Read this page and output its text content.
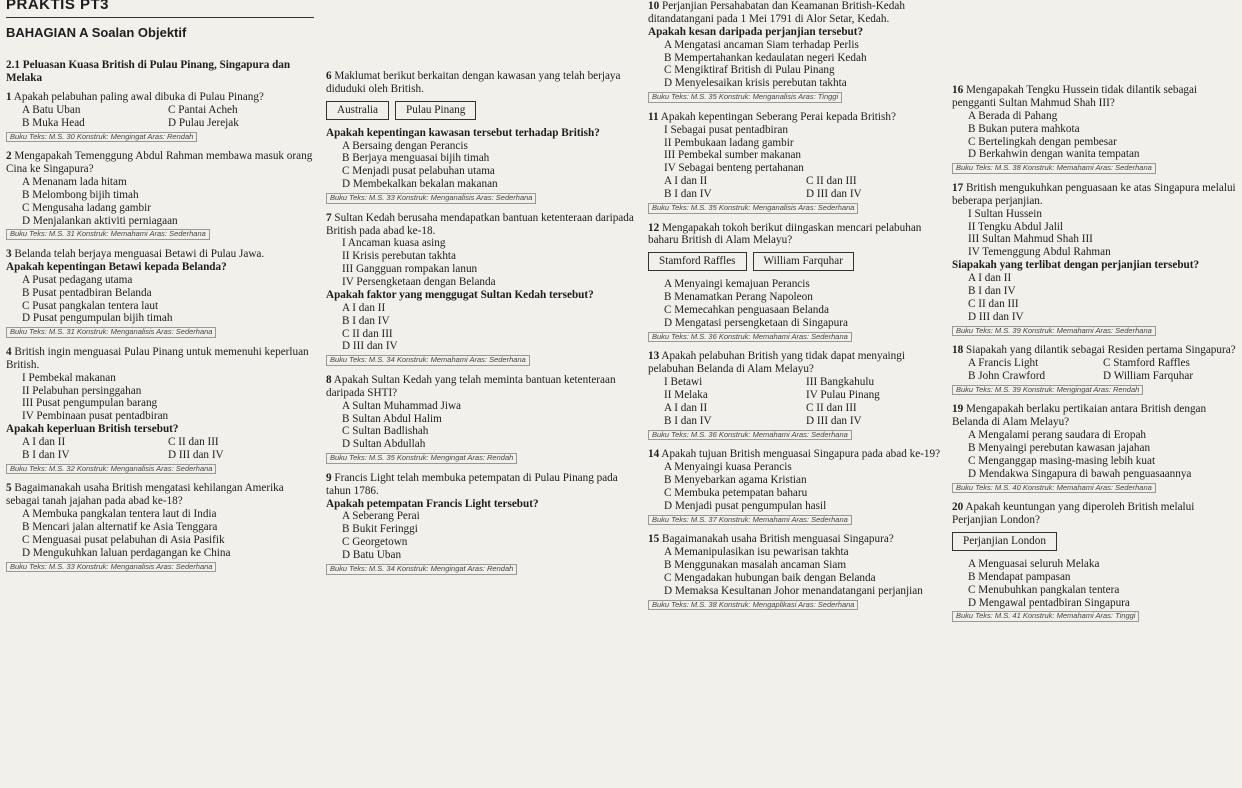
PRAKTIS PT3
BAHAGIAN A Soalan Objektif
2.1 Peluasan Kuasa British di Pulau Pinang, Singapura dan Melaka
1 Apakah pelabuhan paling awal dibuka di Pulau Pinang?
A Batu Uban	C Pantai Acheh
B Muka Head	D Pulau Jerejak
Buku Teks: M.S. 30 Konstruk: Mengingat Aras: Rendah
2 Mengapakah Temenggung Abdul Rahman membawa masuk orang Cina ke Singapura?
A Menanam lada hitam
B Melombong bijih timah
C Mengusaha ladang gambir
D Menjalankan aktiviti perniagaan
Buku Teks: M.S. 31 Konstruk: Memahami Aras: Sederhana
3 Belanda telah berjaya menguasai Betawi di Pulau Jawa.
Apakah kepentingan Betawi kepada Belanda?
A Pusat pedagang utama
B Pusat pentadbiran Belanda
C Pusat pangkalan tentera laut
D Pusat pengumpulan bijih timah
Buku Teks: M.S. 31 Konstruk: Menganalisis Aras: Sederhana
4 British ingin menguasai Pulau Pinang untuk memenuhi keperluan British.
I Pembekal makanan
II Pelabuhan persinggahan
III Pusat pengumpulan barang
IV Pembinaan pusat pentadbiran
Apakah keperluan British tersebut?
A I dan II	C II dan III
B I dan IV	D III dan IV
Buku Teks: M.S. 32 Konstruk: Menganalisis Aras: Sederhana
5 Bagaimanakah usaha British mengatasi kehilangan Amerika sebagai tanah jajahan pada abad ke-18?
A Membuka pangkalan tentera laut di India
B Mencari jalan alternatif ke Asia Tenggara
C Menguasai pusat pelabuhan di Asia Pasifik
D Mengukuhkan laluan perdagangan ke China
Buku Teks: M.S. 33 Konstruk: Menganalisis Aras: Sederhana
6 Maklumat berikut berkaitan dengan kawasan yang telah berjaya diduduki oleh British.
Australia	Pulau Pinang
Apakah kepentingan kawasan tersebut terhadap British?
A Bersaing dengan Perancis
B Berjaya menguasai bijih timah
C Menjadi pusat pelabuhan utama
D Membekalkan bekalan makanan
Buku Teks: M.S. 33 Konstruk: Menganalisis Aras: Sederhana
7 Sultan Kedah berusaha mendapatkan bantuan ketenteraan daripada British pada abad ke-18.
I Ancaman kuasa asing
II Krisis perebutan takhta
III Gangguan rompakan lanun
IV Persengketaan dengan Belanda
Apakah faktor yang menggugat Sultan Kedah tersebut?
A I dan II
B I dan IV
C II dan III
D III dan IV
Buku Teks: M.S. 34 Konstruk: Memahami Aras: Sederhana
8 Apakah Sultan Kedah yang telah meminta bantuan ketenteraan daripada SHTI?
A Sultan Muhammad Jiwa
B Sultan Abdul Halim
C Sultan Badlishah
D Sultan Abdullah
Buku Teks: M.S. 35 Konstruk: Mengingat Aras: Rendah
9 Francis Light telah membuka petempatan di Pulau Pinang pada tahun 1786.
Apakah petempatan Francis Light tersebut?
A Seberang Perai
B Bukit Feringgi
C Georgetown
D Batu Uban
Buku Teks: M.S. 34 Konstruk: Mengingat Aras: Rendah
10 Perjanjian Persahabatan dan Keamanan British-Kedah ditandatangani pada 1 Mei 1791 di Alor Setar, Kedah.
Apakah kesan daripada perjanjian tersebut?
A Mengatasi ancaman Siam terhadap Perlis
B Mempertahankan kedaulatan negeri Kedah
C Mengiktiraf British di Pulau Pinang
D Menyelesaikan krisis perebutan takhta
Buku Teks: M.S. 35 Konstruk: Menganalisis Aras: Tinggi
11 Apakah kepentingan Seberang Perai kepada British?
I Sebagai pusat pentadbiran
II Pembukaan ladang gambir
III Pembekal sumber makanan
IV Sebagai benteng pertahanan
A I dan II	C II dan III
B I dan IV	D III dan IV
Buku Teks: M.S. 35 Konstruk: Menganalisis Aras: Sederhana
12 Mengapakah tokoh berikut diingaskan mencari pelabuhan baharu British di Alam Melayu?
Stamford Raffles	William Farquhar
A Menyaingi kemajuan Perancis
B Menamatkan Perang Napoleon
C Memecahkan penguasaan Belanda
D Mengatasi persengketaan di Singapura
Buku Teks: M.S. 36 Konstruk: Memahami Aras: Sederhana
13 Apakah pelabuhan British yang tidak dapat menyaingi pelabuhan Belanda di Alam Melayu?
I Betawi	III Bangkahulu
II Melaka	IV Pulau Pinang
A I dan II	C II dan III
B I dan IV	D III dan IV
Buku Teks: M.S. 36 Konstruk: Memahami Aras: Sederhana
14 Apakah tujuan British menguasai Singapura pada abad ke-19?
A Menyaingi kuasa Perancis
B Menyebarkan agama Kristian
C Membuka petempatan baharu
D Menjadi pusat pengumpulan hasil
Buku Teks: M.S. 37 Konstruk: Memahami Aras: Sederhana
15 Bagaimanakah usaha British menguasai Singapura?
A Memanipulasikan isu pewarisan takhta
B Menggunakan masalah ancaman Siam
C Mengadakan hubungan baik dengan Belanda
D Memaksa Kesultanan Johor menandatangani perjanjian
Buku Teks: M.S. 38 Konstruk: Mengaplikasi Aras: Sederhana
16 Mengapakah Tengku Hussein tidak dilantik sebagai pengganti Sultan Mahmud Shah III?
A Berada di Pahang
B Bukan putera mahkota
C Bertelingkah dengan pembesar
D Berkahwin dengan wanita tempatan
Buku Teks: M.S. 38 Konstruk: Memahami Aras: Sederhana
17 British mengukuhkan penguasaan ke atas Singapura melalui beberapa perjanjian.
I Sultan Hussein
II Tengku Abdul Jalil
III Sultan Mahmud Shah III
IV Temenggung Abdul Rahman
Siapakah yang terlibat dengan perjanjian tersebut?
A I dan II
B I dan IV
C II dan III
D III dan IV
Buku Teks: M.S. 39 Konstruk: Memahami Aras: Sederhana
18 Siapakah yang dilantik sebagai Residen pertama Singapura?
A Francis Light	C Stamford Raffles
B John Crawford	D William Farquhar
Buku Teks: M.S. 39 Konstruk: Mengingat Aras: Rendah
19 Mengapakah berlaku pertikaian antara British dengan Belanda di Alam Melayu?
A Mengalami perang saudara di Eropah
B Menyaingi perebutan kawasan jajahan
C Menganggap masing-masing lebih kuat
D Mendakwa Singapura di bawah penguasaannya
Buku Teks: M.S. 40 Konstruk: Memahami Aras: Sederhana
20 Apakah keuntungan yang diperoleh British melalui Perjanjian London?
Perjanjian London
A Menguasai seluruh Melaka
B Mendapat pampasan
C Menubuhkan pangkalan tentera
D Mengawal pentadbiran Singapura
Buku Teks: M.S. 41 Konstruk: Memahami Aras: Tinggi
